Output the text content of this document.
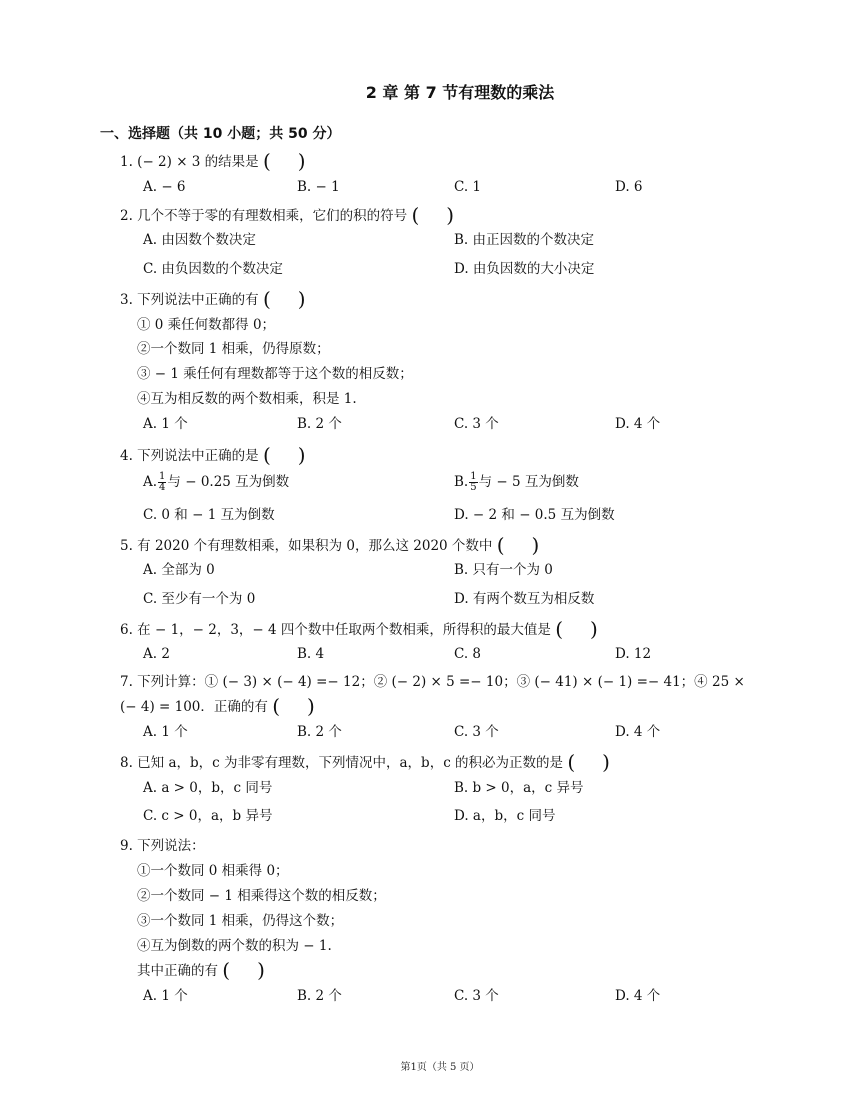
2 章 第 7 节有理数的乘法
一、选择题（共 10 小题；共 50 分）
1. (− 2) × 3 的结果是 (   )
A. − 6	B. − 1	C. 1	D. 6
2. 几个不等于零的有理数相乘，它们的积的符号 (   )
A. 由因数个数决定	B. 由正因数的个数决定
C. 由负因数的个数决定	D. 由负因数的大小决定
3. 下列说法中正确的有 (   )
① 0 乘任何数都得 0；
②一个数同 1 相乘，仍得原数；
③ − 1 乘任何有理数都等于这个数的相反数；
④互为相反数的两个数相乘，积是 1.
A. 1 个	B. 2 个	C. 3 个	D. 4 个
4. 下列说法中正确的是 (   )
A. $\frac{1}{4}$ 与 − 0.25 互为倒数	B. $\frac{1}{5}$ 与 − 5 互为倒数
C. 0 和 − 1 互为倒数	D. − 2 和 − 0.5 互为倒数
5. 有 2020 个有理数相乘，如果积为 0，那么这 2020 个数中 (   )
A. 全部为 0	B. 只有一个为 0
C. 至少有一个为 0	D. 有两个数互为相反数
6. 在 − 1，− 2，3，− 4 四个数中任取两个数相乘，所得积的最大值是 (   )
A. 2	B. 4	C. 8	D. 12
7. 下列计算：① (− 3) × (− 4) =− 12；② (− 2) × 5 =− 10；③ (− 41) × (− 1) =− 41；④ 25 ×
(− 4) = 100．正确的有 (   )
A. 1 个	B. 2 个	C. 3 个	D. 4 个
8. 已知 a，b，c 为非零有理数，下列情况中，a，b，c 的积必为正数的是 (   )
A. a > 0，b，c 同号	B. b > 0，a，c 异号
C. c > 0，a，b 异号	D. a，b，c 同号
9. 下列说法：
①一个数同 0 相乘得 0；
②一个数同 − 1 相乘得这个数的相反数；
③一个数同 1 相乘，仍得这个数；
④互为倒数的两个数的积为 − 1.
其中正确的有 (   )
A. 1 个	B. 2 个	C. 3 个	D. 4 个
第1页（共 5 页）
